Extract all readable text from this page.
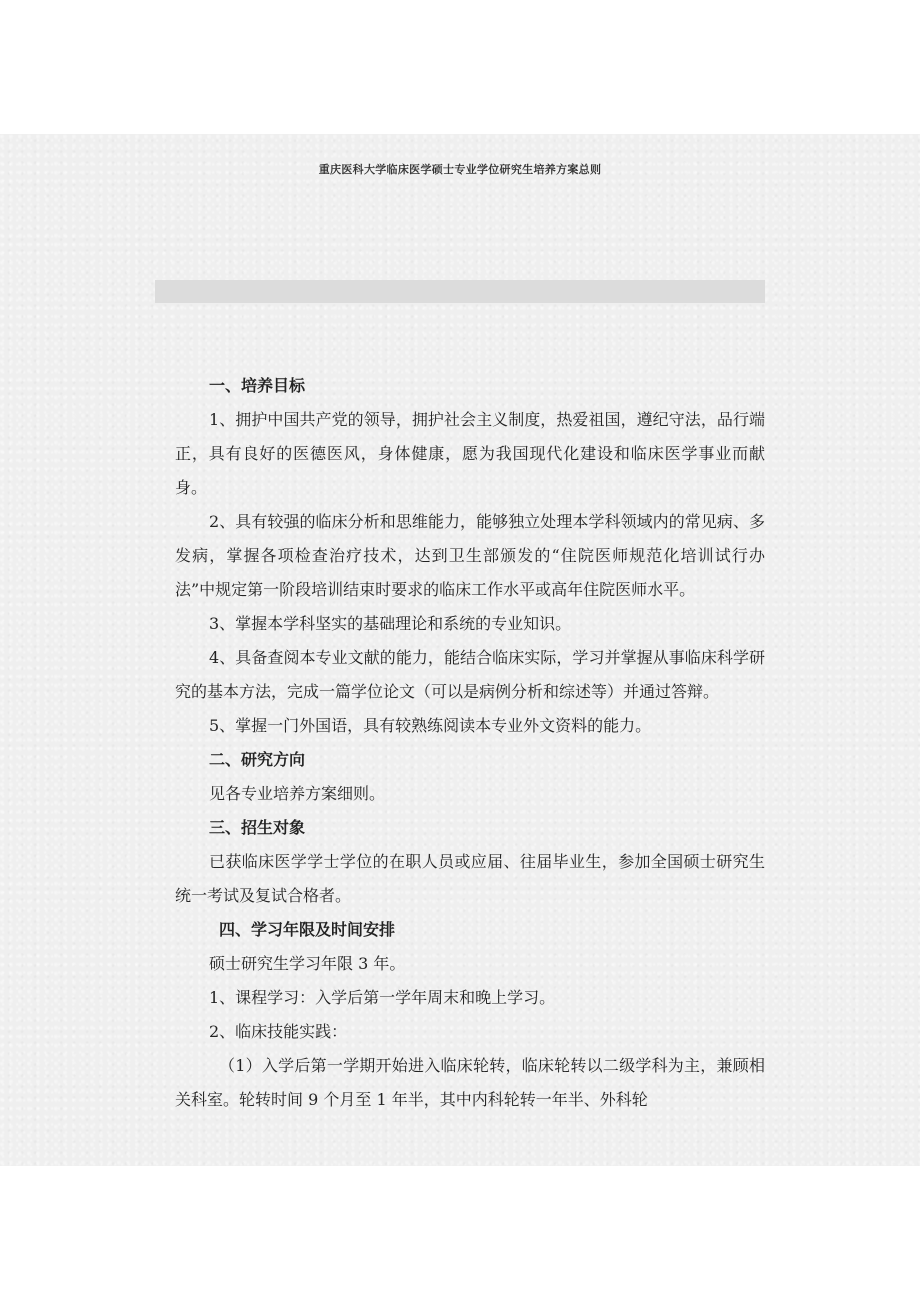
重庆医科大学临床医学硕士专业学位研究生培养方案总则

一、培养目标

1、拥护中国共产党的领导，拥护社会主义制度，热爱祖国，遵纪守法，品行端正，具有良好的医德医风，身体健康，愿为我国现代化建设和临床医学事业而献身。

2、具有较强的临床分析和思维能力，能够独立处理本学科领域内的常见病、多发病，掌握各项检查治疗技术，达到卫生部颁发的“住院医师规范化培训试行办法”中规定第一阶段培训结束时要求的临床工作水平或高年住院医师水平。

3、掌握本学科坚实的基础理论和系统的专业知识。

4、具备查阅本专业文献的能力，能结合临床实际，学习并掌握从事临床科学研究的基本方法，完成一篇学位论文（可以是病例分析和综述等）并通过答辩。

5、掌握一门外国语，具有较熟练阅读本专业外文资料的能力。

二、研究方向

见各专业培养方案细则。

三、招生对象

已获临床医学学士学位的在职人员或应届、往届毕业生，参加全国硕士研究生统一考试及复试合格者。

四、学习年限及时间安排

硕士研究生学习年限 3 年。

1、课程学习：入学后第一学年周末和晚上学习。

2、临床技能实践：

（1）入学后第一学期开始进入临床轮转，临床轮转以二级学科为主，兼顾相关科室。轮转时间 9 个月至 1 年半，其中内科轮转一年半、外科轮
